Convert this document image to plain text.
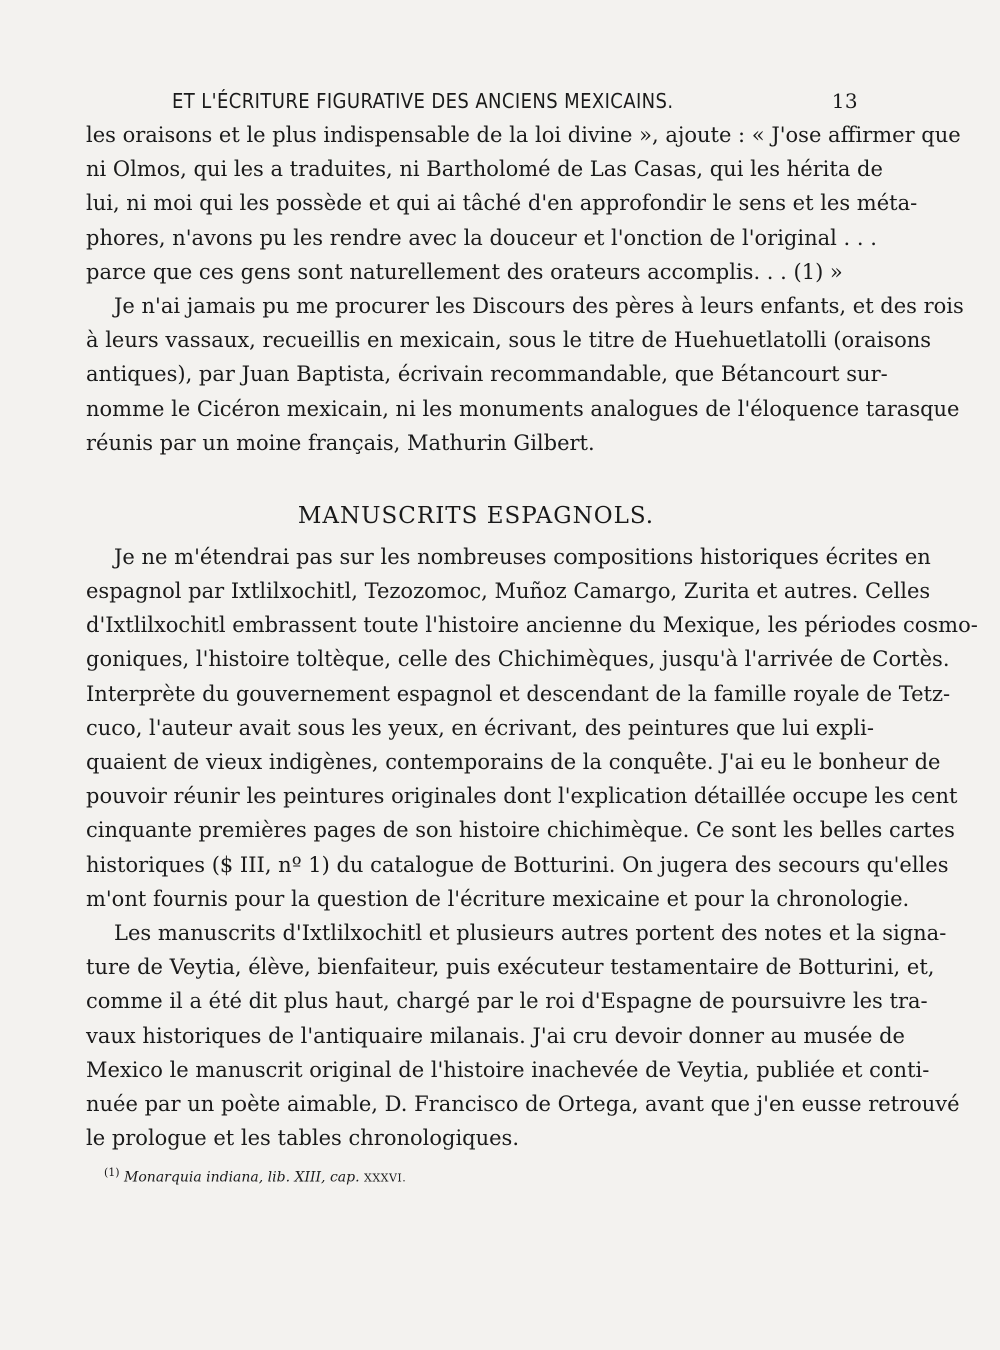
ET L'ÉCRITURE FIGURATIVE DES ANCIENS MEXICAINS.	13
les oraisons et le plus indispensable de la loi divine », ajoute : « J'ose affirmer que
ni Olmos, qui les a traduites, ni Bartholomé de Las Casas, qui les hérita de
lui, ni moi qui les possède et qui ai tâché d'en approfondir le sens et les méta-
phores, n'avons pu les rendre avec la douceur et l'onction de l'original . . .
parce que ces gens sont naturellement des orateurs accomplis. . . (1) »
Je n'ai jamais pu me procurer les Discours des pères à leurs enfants, et des rois
à leurs vassaux, recueillis en mexicain, sous le titre de Huehuetlatolli (oraisons
antiques), par Juan Baptista, écrivain recommandable, que Bétancourt sur-
nomme le Cicéron mexicain, ni les monuments analogues de l'éloquence tarasque
réunis par un moine français, Mathurin Gilbert.
MANUSCRITS ESPAGNOLS.
Je ne m'étendrai pas sur les nombreuses compositions historiques écrites en
espagnol par Ixtlilxochitl, Tezozomoc, Muñoz Camargo, Zurita et autres. Celles
d'Ixtlilxochitl embrassent toute l'histoire ancienne du Mexique, les périodes cosmo-
goniques, l'histoire toltèque, celle des Chichimèques, jusqu'à l'arrivée de Cortès.
Interprète du gouvernement espagnol et descendant de la famille royale de Tetz-
cuco, l'auteur avait sous les yeux, en écrivant, des peintures que lui expli-
quaient de vieux indigènes, contemporains de la conquête. J'ai eu le bonheur de
pouvoir réunir les peintures originales dont l'explication détaillée occupe les cent
cinquante premières pages de son histoire chichimèque. Ce sont les belles cartes
historiques ($ III, nº 1) du catalogue de Botturini. On jugera des secours qu'elles
m'ont fournis pour la question de l'écriture mexicaine et pour la chronologie.
Les manuscrits d'Ixtlilxochitl et plusieurs autres portent des notes et la signa-
ture de Veytia, élève, bienfaiteur, puis exécuteur testamentaire de Botturini, et,
comme il a été dit plus haut, chargé par le roi d'Espagne de poursuivre les tra-
vaux historiques de l'antiquaire milanais. J'ai cru devoir donner au musée de
Mexico le manuscrit original de l'histoire inachevée de Veytia, publiée et conti-
nuée par un poète aimable, D. Francisco de Ortega, avant que j'en eusse retrouvé
le prologue et les tables chronologiques.
$^{(1)}$ Monarquia indiana, lib. XIII, cap. XXXVI.
